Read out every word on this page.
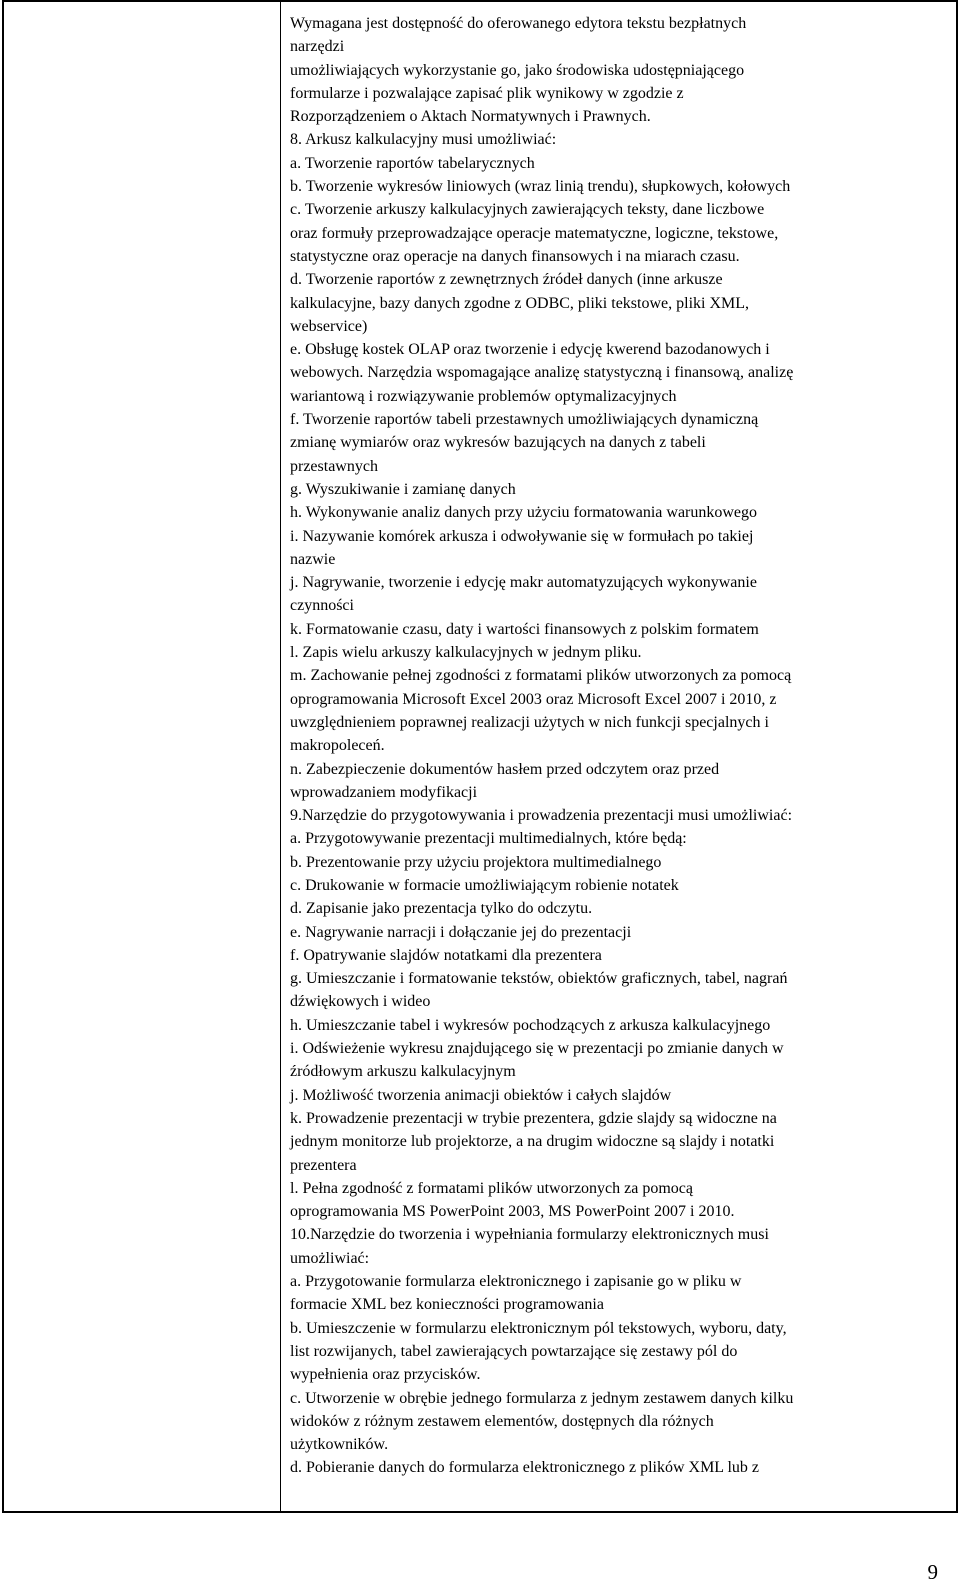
Wymagana jest dostępność do oferowanego edytora tekstu bezpłatnych
narzędzi
umożliwiających wykorzystanie go, jako środowiska udostępniającego
formularze i pozwalające zapisać plik wynikowy w zgodzie z
Rozporządzeniem o Aktach Normatywnych i Prawnych.
8. Arkusz kalkulacyjny musi umożliwiać:
a. Tworzenie raportów tabelarycznych
b. Tworzenie wykresów liniowych (wraz linią trendu), słupkowych, kołowych
c. Tworzenie arkuszy kalkulacyjnych zawierających teksty, dane liczbowe
oraz formuły przeprowadzające operacje matematyczne, logiczne, tekstowe,
statystyczne oraz operacje na danych finansowych i na miarach czasu.
d. Tworzenie raportów z zewnętrznych źródeł danych (inne arkusze
kalkulacyjne, bazy danych zgodne z ODBC, pliki tekstowe, pliki XML,
webservice)
e. Obsługę kostek OLAP oraz tworzenie i edycję kwerend bazodanowych i
webowych. Narzędzia wspomagające analizę statystyczną i finansową, analizę
wariantową i rozwiązywanie problemów optymalizacyjnych
f. Tworzenie raportów tabeli przestawnych umożliwiających dynamiczną
zmianę wymiarów oraz wykresów bazujących na danych z tabeli
przestawnych
g. Wyszukiwanie i zamianę danych
h. Wykonywanie analiz danych przy użyciu formatowania warunkowego
i. Nazywanie komórek arkusza i odwoływanie się w formułach po takiej
nazwie
j. Nagrywanie, tworzenie i edycję makr automatyzujących wykonywanie
czynności
k. Formatowanie czasu, daty i wartości finansowych z polskim formatem
l. Zapis wielu arkuszy kalkulacyjnych w jednym pliku.
m. Zachowanie pełnej zgodności z formatami plików utworzonych za pomocą
oprogramowania Microsoft Excel 2003 oraz Microsoft Excel 2007 i 2010, z
uwzględnieniem poprawnej realizacji użytych w nich funkcji specjalnych i
makropoleceń.
n. Zabezpieczenie dokumentów hasłem przed odczytem oraz przed
wprowadzaniem modyfikacji
9.Narzędzie do przygotowywania i prowadzenia prezentacji musi umożliwiać:
a. Przygotowywanie prezentacji multimedialnych, które będą:
b. Prezentowanie przy użyciu projektora multimedialnego
c. Drukowanie w formacie umożliwiającym robienie notatek
d. Zapisanie jako prezentacja tylko do odczytu.
e. Nagrywanie narracji i dołączanie jej do prezentacji
f. Opatrywanie slajdów notatkami dla prezentera
g. Umieszczanie i formatowanie tekstów, obiektów graficznych, tabel, nagrań
dźwiękowych i wideo
h. Umieszczanie tabel i wykresów pochodzących z arkusza kalkulacyjnego
i. Odświeżenie wykresu znajdującego się w prezentacji po zmianie danych w
źródłowym arkuszu kalkulacyjnym
j. Możliwość tworzenia animacji obiektów i całych slajdów
k. Prowadzenie prezentacji w trybie prezentera, gdzie slajdy są widoczne na
jednym monitorze lub projektorze, a na drugim widoczne są slajdy i notatki
prezentera
l. Pełna zgodność z formatami plików utworzonych za pomocą
oprogramowania MS PowerPoint 2003, MS PowerPoint 2007 i 2010.
10.Narzędzie do tworzenia i wypełniania formularzy elektronicznych musi
umożliwiać:
a. Przygotowanie formularza elektronicznego i zapisanie go w pliku w
formacie XML bez konieczności programowania
b. Umieszczenie w formularzu elektronicznym pól tekstowych, wyboru, daty,
list rozwijanych, tabel zawierających powtarzające się zestawy pól do
wypełnienia oraz przycisków.
c. Utworzenie w obrębie jednego formularza z jednym zestawem danych kilku
widoków z różnym zestawem elementów, dostępnych dla różnych
użytkowników.
d. Pobieranie danych do formularza elektronicznego z plików XML lub z
9
